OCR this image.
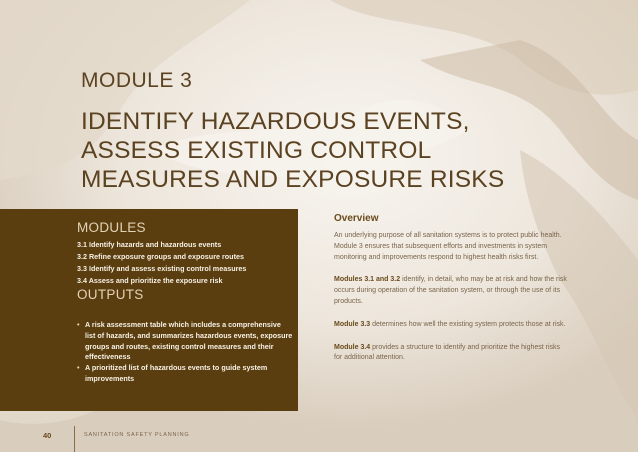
MODULE 3
IDENTIFY HAZARDOUS EVENTS,
ASSESS EXISTING CONTROL
MEASURES AND EXPOSURE RISKS
MODULES
3.1 Identify hazards and hazardous events
3.2 Refine exposure groups and exposure routes
3.3 Identify and assess existing control measures
3.4 Assess and prioritize the exposure risk
OUTPUTS
• A risk assessment table which includes a comprehensive list of hazards, and summarizes hazardous events, exposure groups and routes, existing control measures and their effectiveness
• A prioritized list of hazardous events to guide system improvements
Overview

An underlying purpose of all sanitation systems is to protect public health. Module 3 ensures that subsequent efforts and investments in system monitoring and improvements respond to highest health risks first.

Modules 3.1 and 3.2 identify, in detail, who may be at risk and how the risk occurs during operation of the sanitation system, or through the use of its products.

Module 3.3 determines how well the existing system protects those at risk.

Module 3.4 provides a structure to identify and prioritize the highest risks for additional attention.

40	SANITATION SAFETY PLANNING
